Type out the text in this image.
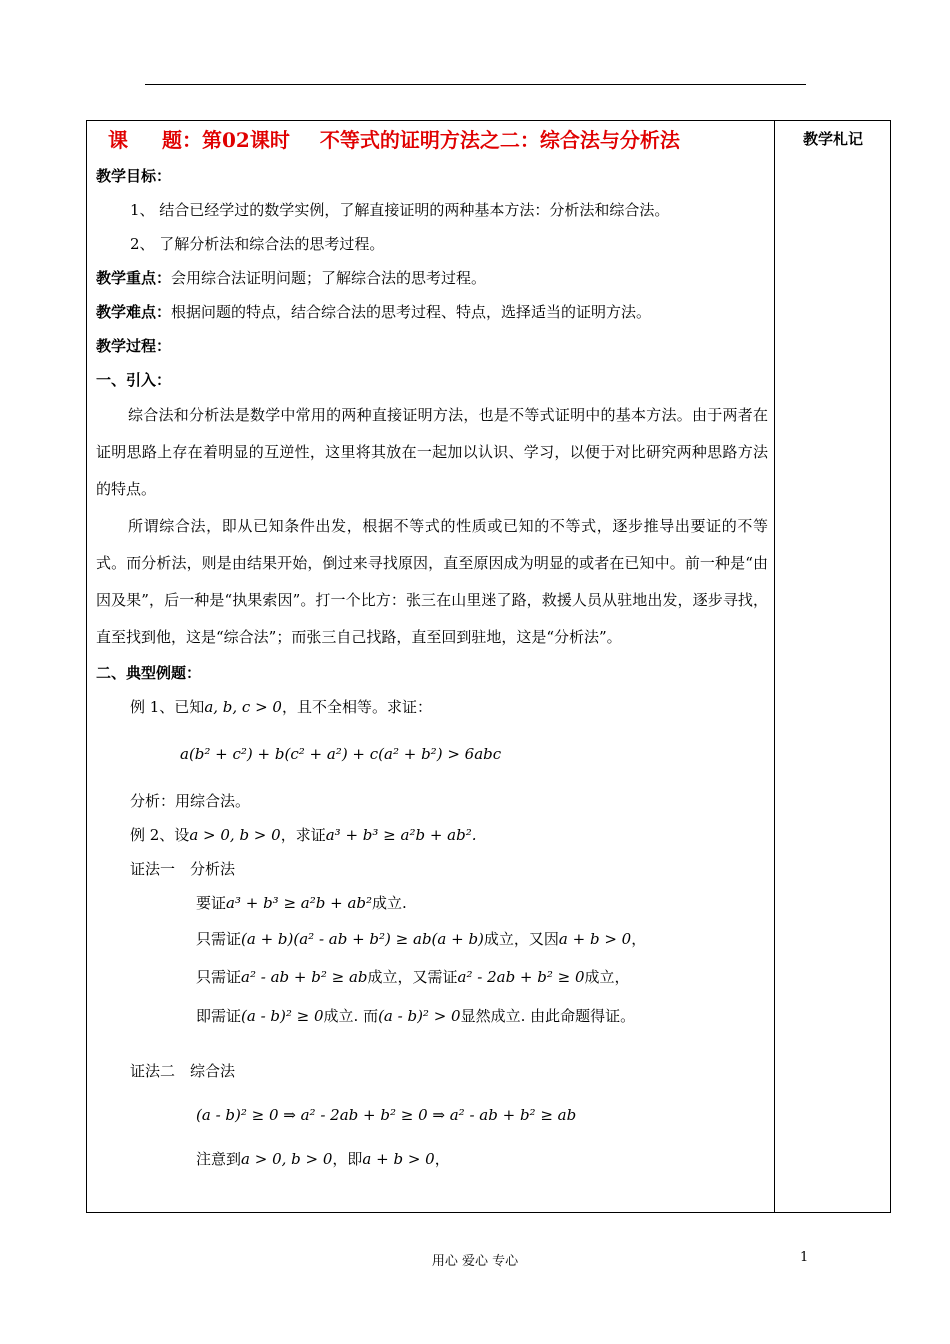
教学札记
课 题：第02课时 不等式的证明方法之二：综合法与分析法

教学目标：

1、 结合已经学过的数学实例，了解直接证明的两种基本方法：分析法和综合法。

2、 了解分析法和综合法的思考过程。

教学重点：会用综合法证明问题；了解综合法的思考过程。

教学难点：根据问题的特点，结合综合法的思考过程、特点，选择适当的证明方法。

教学过程：

一、引入：

综合法和分析法是数学中常用的两种直接证明方法，也是不等式证明中的基本方法。由于两者在证明思路上存在着明显的互逆性，这里将其放在一起加以认识、学习，以便于对比研究两种思路方法的特点。

所谓综合法，即从已知条件出发，根据不等式的性质或已知的不等式，逐步推导出要证的不等式。而分析法，则是由结果开始，倒过来寻找原因，直至原因成为明显的或者在已知中。前一种是“由因及果”，后一种是“执果索因”。打一个比方：张三在山里迷了路，救援人员从驻地出发，逐步寻找，直至找到他，这是“综合法”；而张三自己找路，直至回到驻地，这是“分析法”。

二、典型例题：

例 1、已知a, b, c > 0，且不全相等。求证：

a(b² + c²) + b(c² + a²) + c(a² + b²) > 6abc

分析：用综合法。

例 2、设a > 0, b > 0，求证a³ + b³ ≥ a²b + ab².

证法一　分析法

要证a³ + b³ ≥ a²b + ab²成立.

只需证(a + b)(a² - ab + b²) ≥ ab(a + b)成立，又因a + b > 0，

只需证a² - ab + b² ≥ ab成立，又需证a² - 2ab + b² ≥ 0成立，

即需证(a - b)² ≥ 0成立. 而(a - b)² > 0显然成立. 由此命题得证。

证法二　综合法

(a - b)² ≥ 0 ⇒ a² - 2ab + b² ≥ 0 ⇒ a² - ab + b² ≥ ab

注意到a > 0, b > 0，即a + b > 0，

用心 爱心 专心	1
